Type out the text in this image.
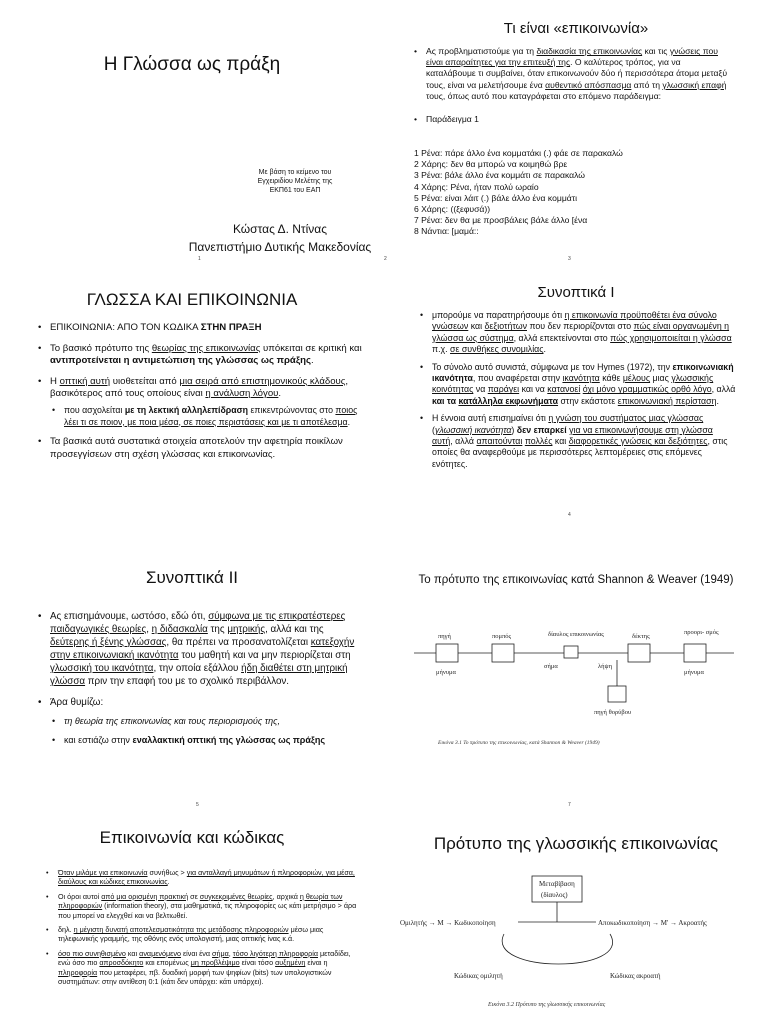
Η Γλώσσα ως πράξη
Με βάση το κείμενο του
Εγχειριδίου Μελέτης της
ΕΚΠ61 του ΕΑΠ
Κώστας Δ. Ντίνας
Πανεπιστήμιο Δυτικής Μακεδονίας
1
Τι είναι «επικοινωνία»
• Ας προβληματιστούμε για τη διαδικασία της επικοινωνίας και τις γνώσεις που είναι απαραίτητες για την επιτευξή της. Ο καλύτερος τρόπος, για να καταλάβουμε τι συμβαίνει, όταν επικοινωνούν δύο ή περισσότερα άτομα μεταξύ τους, είναι να μελετήσουμε ένα αυθεντικό απόσπασμα από τη γλωσσική επαφή τους, όπως αυτό που καταγράφεται στο επόμενο παράδειγμα:
• Παράδειγμα 1
1 Ρένα: πάρε άλλο ένα κομματάκι (.) φάε σε παρακαλώ
2 Χάρης: δεν θα μπορώ να κοιμηθώ βρε
3 Ρένα: βάλε άλλο ένα κομμάτι σε παρακαλώ
4 Χάρης: Ρένα, ήταν πολύ ωραίο
5 Ρένα: είναι λάιτ (.) βάλε άλλο ένα κομμάτι
6 Χάρης: ((ξεφυσά))
7 Ρένα: δεν θα με προσβάλεις βάλε άλλο [ένα
8 Νάντια: [μαμά::
3
ΓΛΩΣΣΑ ΚΑΙ ΕΠΙΚΟΙΝΩΝΙΑ
• ΕΠΙΚΟΙΝΩΝΙΑ: ΑΠΟ ΤΟΝ ΚΩΔΙΚΑ ΣΤΗΝ ΠΡΑΞΗ
• Το βασικό πρότυπο της θεωρίας της επικοινωνίας υπόκειται σε κριτική και αντιπροτείνεται η αντιμετώπιση της γλώσσας ως πράξης.
• Η οπτική αυτή υιοθετείται από μια σειρά από επιστημονικούς κλάδους, βασικότερος από τους οποίους είναι η ανάλυση λόγου.
• που ασχολείται με τη λεκτική αλληλεπίδραση επικεντρώνοντας στο ποιος λέει τι σε ποιον, με ποια μέσα, σε ποιες περιστάσεις και με τι αποτέλεσμα.
• Τα βασικά αυτά συστατικά στοιχεία αποτελούν την αφετηρία ποικίλων προσεγγίσεων στη σχέση γλώσσας και επικοινωνίας.
2
Συνοπτικά I
• μπορούμε να παρατηρήσουμε ότι η επικοινωνία προϋποθέτει ένα σύνολο γνώσεων και δεξιοτήτων που δεν περιορίζονται στο πώς είναι οργανωμένη η γλώσσα ως σύστημα, αλλά επεκτείνονται στο πώς χρησιμοποιείται η γλώσσα π.χ. σε συνθήκες συνομιλίας.
• Το σύνολο αυτό συνιστά, σύμφωνα με τον Hymes (1972), την επικοινωνιακή ικανότητα, που αναφέρεται στην ικανότητα κάθε μέλους μιας γλωσσικής κοινότητας να παράγει και να κατανοεί όχι μόνο γραμματικώς ορθό λόγο, αλλά και τα κατάλληλα εκφωνήματα στην εκάστοτε επικοινωνιακή περίσταση.
• Η έννοια αυτή επισημαίνει ότι η γνώση του συστήματος μιας γλώσσας (γλωσσική ικανότητα) δεν επαρκεί για να επικοινωνήσουμε στη γλώσσα αυτή, αλλά απαιτούνται πολλές και διαφορετικές γνώσεις και δεξιότητες, στις οποίες θα αναφερθούμε με περισσότερες λεπτομέρειες στις επόμενες ενότητες.
4
Συνοπτικά II
• Ας επισημάνουμε, ωστόσο, εδώ ότι, σύμφωνα με τις επικρατέστερες παιδαγωγικές θεωρίες, η διδασκαλία της μητρικής, αλλά και της δεύτερης ή ξένης γλώσσας, θα πρέπει να προσανατολίζεται κατεξοχήν στην επικοινωνιακή ικανότητα του μαθητή και να μην περιορίζεται στη γλωσσική του ικανότητα, την οποία εξάλλου ήδη διαθέτει στη μητρική γλώσσα πριν την επαφή του με το σχολικό περιβάλλον.
• Άρα θυμίζω:
• τη θεωρία της επικοινωνίας και τους περιορισμούς της,
• και εστιάζω στην εναλλακτική οπτική της γλώσσας ως πράξης
5
Το πρότυπο της επικοινωνίας κατά Shannon & Weaver (1949)
πηγή	πομπός	δίαυλος επικοινωνίας	δέκτης
προορι- σμός
μήνυμα
σήμα	λήψη
μήνυμα
πηγή θορύβου
Εικόνα 3.1 Το πρότυπο της επικοινωνίας, κατά Shannon & Weaver (1949)
7
Επικοινωνία και κώδικας
• Όταν μιλάμε για επικοινωνία συνήθως > για ανταλλαγή μηνυμάτων ή πληροφοριών, για μέσα, διαύλους και κώδικες επικοινωνίας.
• Οι όροι αυτοί από μια ορισμένη πρακτική σε συγκεκριμένες θεωρίες, αρχικά η θεωρία των πληροφοριών (information theory), στα μαθηματικά, τις πληροφορίες ως κάτι μετρήσιμο > άρα που μπορεί να ελεγχθεί και να βελτιωθεί.
• δηλ. η μέγιστη δυνατή αποτελεσματικότητα της μετάδοσης πληροφοριών μέσω μιας τηλεφωνικής γραμμής, της οθόνης ενός υπολογιστή, μιας οπτικής ίνας κ.ά.
• όσο πιο συνηθισμένο και αναμενόμενο είναι ένα σήμα, τόσο λιγότερη πληροφορία μεταδίδει, ενώ όσο πιο απροσδόκητο και επομένως μη προβλέψιμο είναι τόσο αυξημένη είναι η πληροφορία που μεταφέρει, πβ. δυαδική μορφή των ψηφίων (bits) των υπολογιστικών συστημάτων: στην αντίθεση 0:1 (κάτι δεν υπάρχει: κάτι υπάρχει).
Πρότυπο της γλωσσικής επικοινωνίας
Μεταβίβαση
(δίαυλος)
Ομιλητής → Μ → Κωδικοποίηση	Αποκωδικοποίηση → Μ' → Ακροατής
Κώδικας ομιλητή	Κώδικας ακροατή
Εικόνα 3.2 Πρότυπο της γλωσσικής επικοινωνίας
